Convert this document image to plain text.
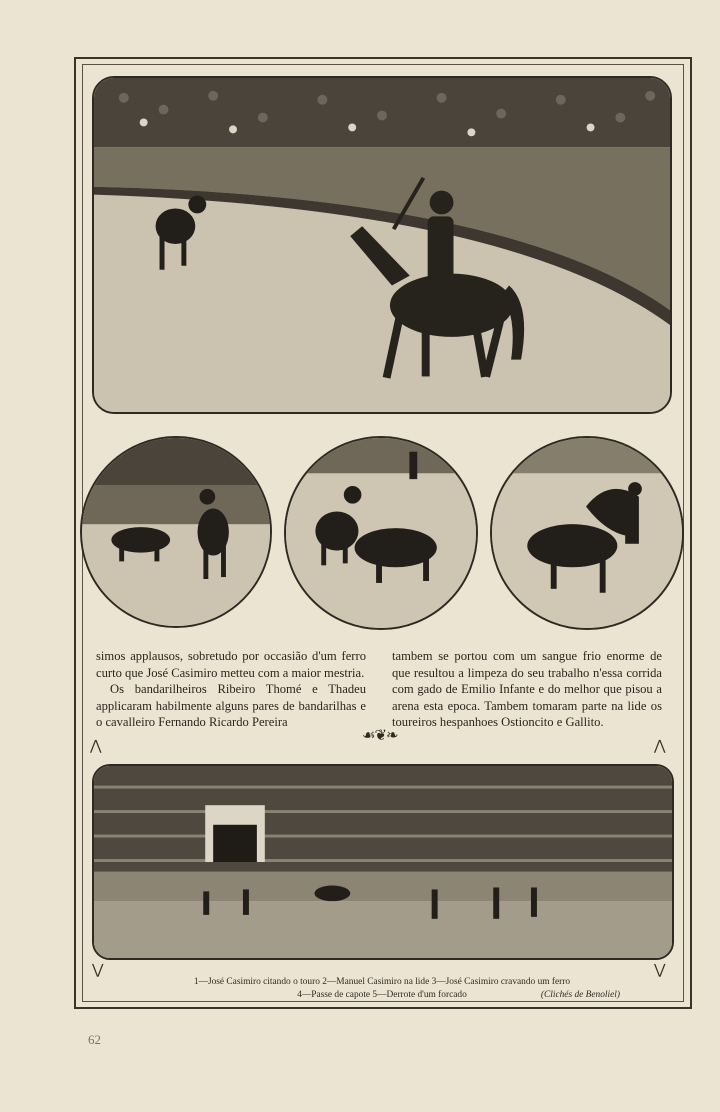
⋀	⋀
⋁	⋁

simos applausos, sobretudo por occasião d'um ferro curto que José Casimiro metteu com a maior mestria.

Os bandarilheiros Ribeiro Thomé e Thadeu applicaram habilmente alguns pares de bandarilhas e o cavalleiro Fernando Ricardo Pereira

tambem se portou com um sangue frio enorme de que resultou a limpeza do seu trabalho n'essa corrida com gado de Emilio Infante e do melhor que pisou a arena esta epoca. Tambem tomaram parte na lide os toureiros hespanhoes Ostioncito e Gallito.

☙❦❧
1—José Casimiro citando o touro 2—Manuel Casimiro na lide 3—José Casimiro cravando um ferro
4—Passe de capote 5—Derrote d'um forcado	(Clichés de Benoliel)
62
